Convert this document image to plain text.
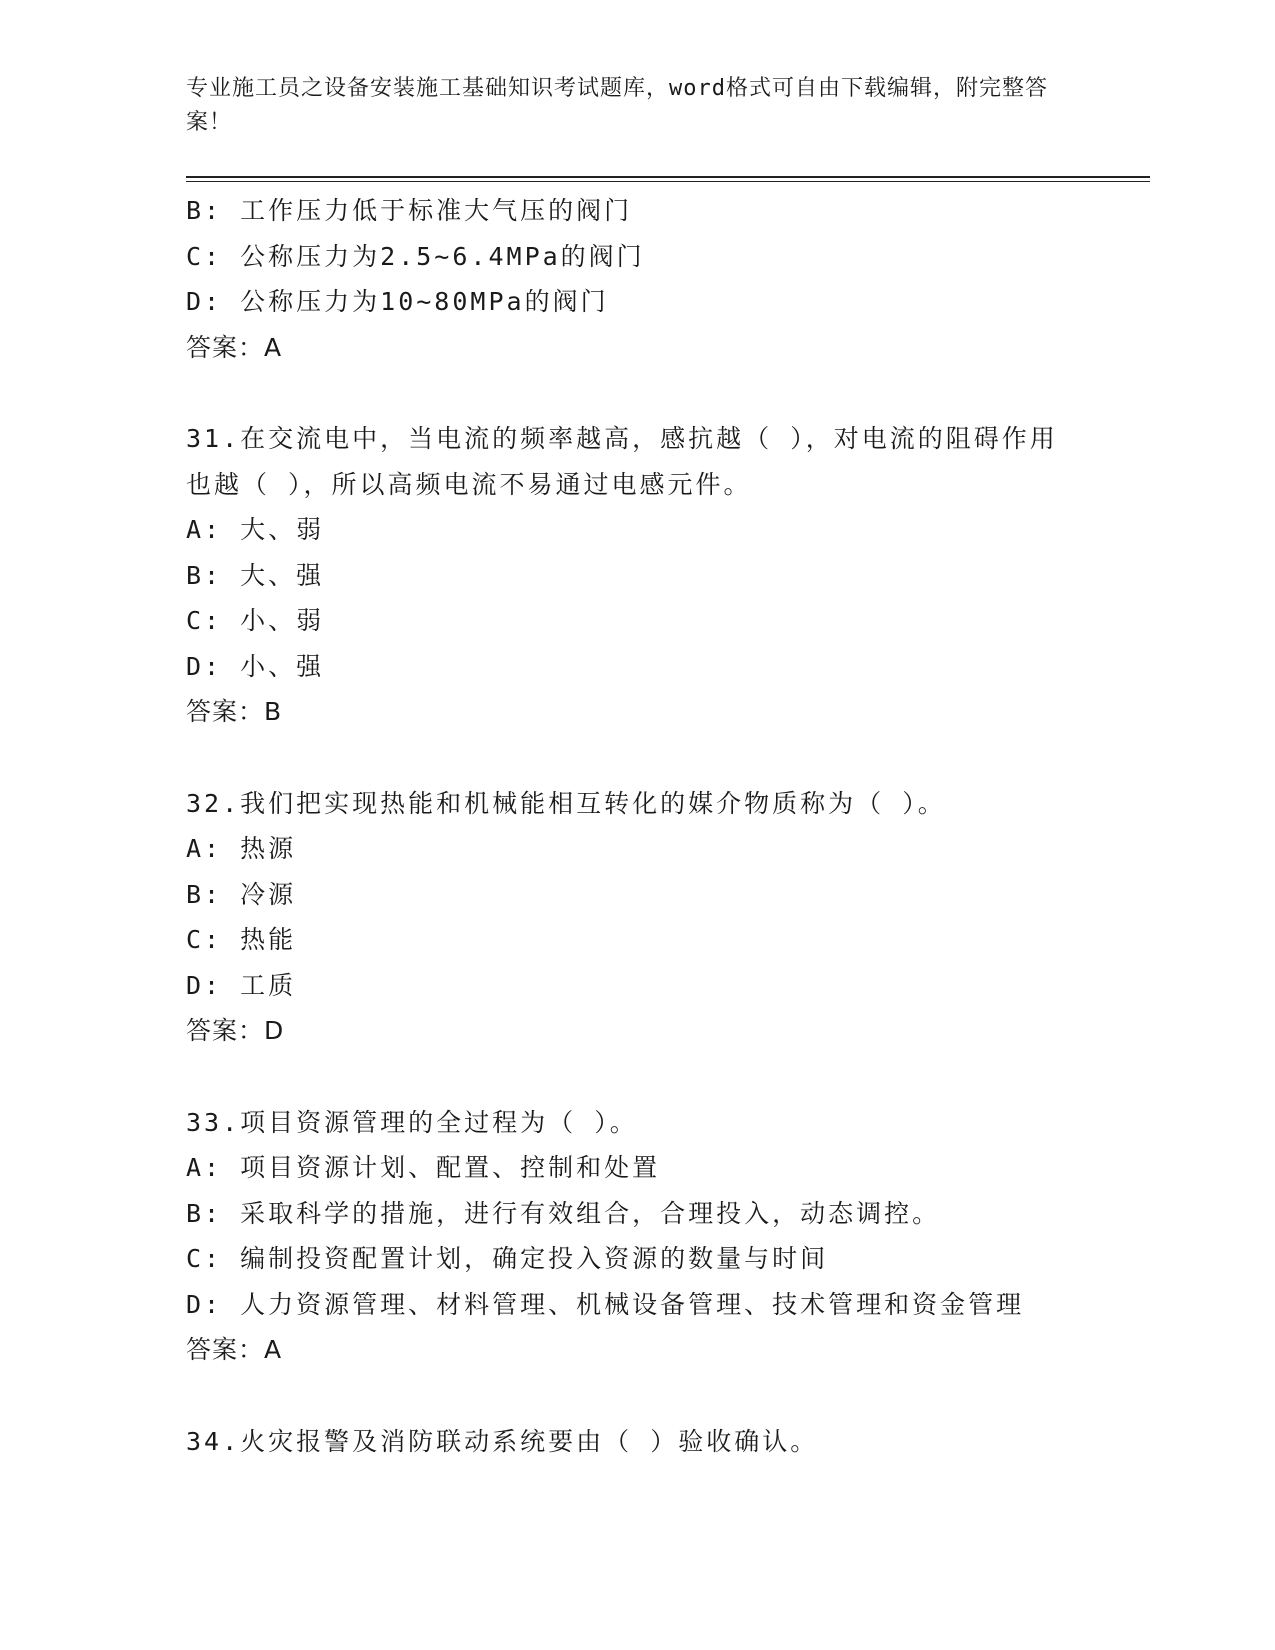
专业施工员之设备安装施工基础知识考试题库，word格式可自由下载编辑，附完整答案！
B: 工作压力低于标准大气压的阀门
C: 公称压力为2.5~6.4MPa的阀门
D: 公称压力为10~80MPa的阀门
答案：A
31.在交流电中，当电流的频率越高，感抗越（ ），对电流的阻碍作用也越（ ），所以高频电流不易通过电感元件。
A: 大、弱
B: 大、强
C: 小、弱
D: 小、强
答案：B
32.我们把实现热能和机械能相互转化的媒介物质称为（ ）。
A: 热源
B: 冷源
C: 热能
D: 工质
答案：D
33.项目资源管理的全过程为（ ）。
A: 项目资源计划、配置、控制和处置
B: 采取科学的措施，进行有效组合，合理投入，动态调控。
C: 编制投资配置计划，确定投入资源的数量与时间
D: 人力资源管理、材料管理、机械设备管理、技术管理和资金管理
答案：A
34.火灾报警及消防联动系统要由（ ）验收确认。
